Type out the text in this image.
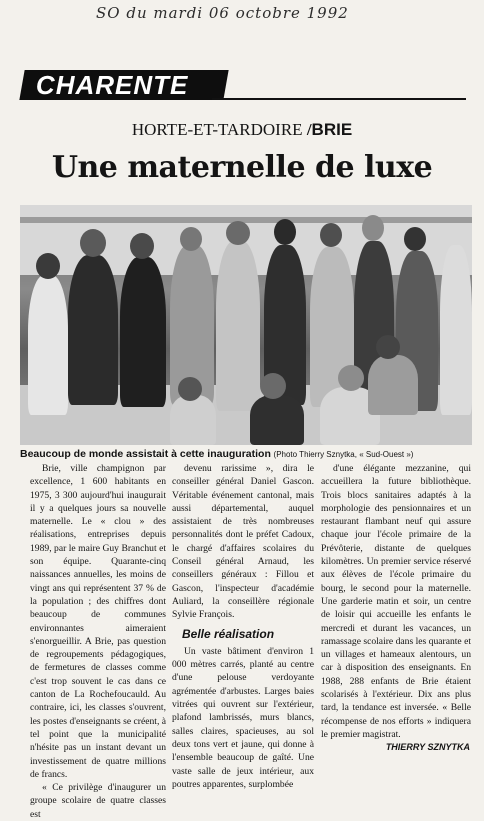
SO du mardi 06 octobre 1992
CHARENTE
HORTE-ET-TARDOIRE /BRIE
Une maternelle de luxe
Beaucoup de monde assistait à cette inauguration (Photo Thierry Sznytka, « Sud-Ouest »)

Brie, ville champignon par excellence, 1 600 habitants en 1975, 3 300 aujourd'hui inaugurait il y a quelques jours sa nouvelle maternelle. Le « clou » des réalisations, entreprises depuis 1989, par le maire Guy Branchut et son équipe. Quarante-cinq naissances annuelles, les moins de vingt ans qui représentent 37 % de la population ; des chiffres dont beaucoup de communes environnantes aimeraient s'enorgueillir. A Brie, pas question de regroupements pédagogiques, de fermetures de classes comme c'est trop souvent le cas dans ce canton de La Rochefoucauld. Au contraire, ici, les classes s'ouvrent, les postes d'enseignants se créent, à tel point que la municipalité n'hésite pas un instant devant un investissement de quatre millions de francs.

« Ce privilège d'inaugurer un groupe scolaire de quatre classes est

devenu rarissime », dira le conseiller général Daniel Gascon. Véritable événement cantonal, mais aussi départemental, auquel assistaient de très nombreuses personnalités dont le préfet Cadoux, le chargé d'affaires scolaires du Conseil général Arnaud, les conseillers généraux : Fillou et Gascon, l'inspecteur d'académie Auliard, la conseillère régionale Sylvie François.

Belle réalisation

Un vaste bâtiment d'environ 1 000 mètres carrés, planté au centre d'une pelouse verdoyante agrémentée d'arbustes. Larges baies vitrées qui ouvrent sur l'extérieur, plafond lambrissés, murs blancs, salles claires, spacieuses, au sol deux tons vert et jaune, qui donne à l'ensemble beaucoup de gaîté. Une vaste salle de jeux intérieur, aux poutres apparentes, surplombée

d'une élégante mezzanine, qui accueillera la future bibliothèque. Trois blocs sanitaires adaptés à la morphologie des pensionnaires et un restaurant flambant neuf qui assure chaque jour l'école primaire de la Prévôterie, distante de quelques kilomètres. Un premier service réservé aux élèves de l'école primaire du bourg, le second pour la maternelle. Une garderie matin et soir, un centre de loisir qui accueille les enfants le mercredi et durant les vacances, un ramassage scolaire dans les quarante et un villages et hameaux alentours, un car à disposition des enseignants. En 1988, 288 enfants de Brie étaient scolarisés à l'extérieur. Dix ans plus tard, la tendance est inversée. « Belle récompense de nos efforts » indiquera le premier magistrat.

THIERRY SZNYTKA
